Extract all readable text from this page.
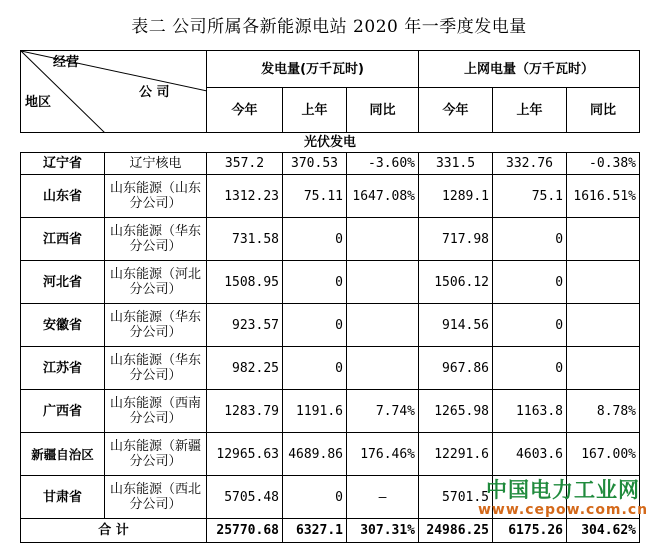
表二 公司所属各新能源电站 2020 年一季度发电量
经营
地区
公 司		发电量(万千瓦时)			上网电量（万千瓦时）		
		今年	上年	同比	今年	上年	同比
光伏发电							
辽宁省	辽宁核电	357.2	370.53	-3.60%	331.5	332.76	-0.38%
山东省	山东能源（山东分公司）	1312.23	75.11	1647.08%	1289.1	75.1	1616.51%
江西省	山东能源（华东分公司）	731.58	0		717.98	0	
河北省	山东能源（河北分公司）	1508.95	0		1506.12	0	
安徽省	山东能源（华东分公司）	923.57	0		914.56	0	
江苏省	山东能源（华东分公司）	982.25	0		967.86	0	
广西省	山东能源（西南分公司）	1283.79	1191.6	7.74%	1265.98	1163.8	8.78%
新疆自治区	山东能源（新疆分公司）	12965.63	4689.86	176.46%	12291.6	4603.6	167.00%
甘肃省	山东能源（西北分公司）	5705.48	0	—	5701.5		
合 计		25770.68	6327.1	307.31%	24986.25	6175.26	304.62%
中国电力工业网
www.cepow.com.cn
